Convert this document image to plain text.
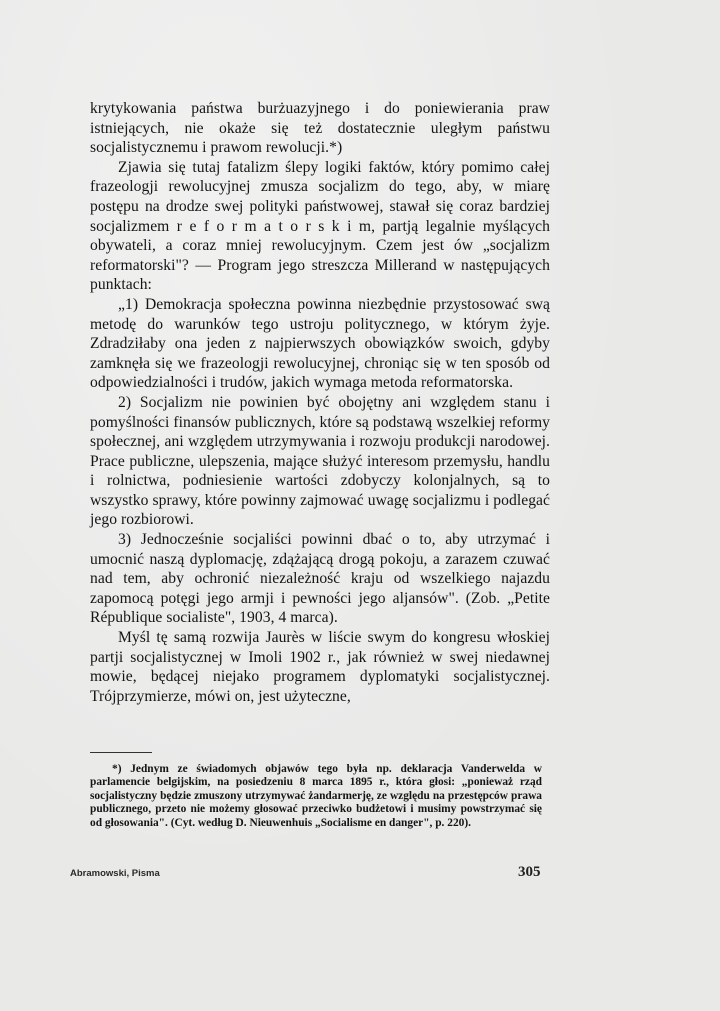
krytykowania państwa burżuazyjnego i do poniewierania praw istniejących, nie okaże się też dostatecznie uległym państwu socjalistycznemu i prawom rewolucji.*)

Zjawia się tutaj fatalizm ślepy logiki faktów, który pomimo całej frazeologji rewolucyjnej zmusza socjalizm do tego, aby, w miarę postępu na drodze swej polityki państwowej, stawał się coraz bardziej socjalizmem r e f o r m a t o r s k i m, partją legalnie myślących obywateli, a coraz mniej rewolucyjnym. Czem jest ów „socjalizm reformatorski"? — Program jego streszcza Millerand w następujących punktach:

„1) Demokracja społeczna powinna niezbędnie przystosować swą metodę do warunków tego ustroju politycznego, w którym żyje. Zdradziłaby ona jeden z najpierwszych obowiązków swoich, gdyby zamknęła się we frazeologji rewolucyjnej, chroniąc się w ten sposób od odpowiedzialności i trudów, jakich wymaga metoda reformatorska.

2) Socjalizm nie powinien być obojętny ani względem stanu i pomyślności finansów publicznych, które są podstawą wszelkiej reformy społecznej, ani względem utrzymywania i rozwoju produkcji narodowej. Prace publiczne, ulepszenia, mające służyć interesom przemysłu, handlu i rolnictwa, podniesienie wartości zdobyczy kolonjalnych, są to wszystko sprawy, które powinny zajmować uwagę socjalizmu i podlegać jego rozbiorowi.

3) Jednocześnie socjaliści powinni dbać o to, aby utrzymać i umocnić naszą dyplomację, zdążającą drogą pokoju, a zarazem czuwać nad tem, aby ochronić niezależność kraju od wszelkiego najazdu zapomocą potęgi jego armji i pewności jego aljansów". (Zob. „Petite République socialiste", 1903, 4 marca).

Myśl tę samą rozwija Jaurès w liście swym do kongresu włoskiej partji socjalistycznej w Imoli 1902 r., jak również w swej niedawnej mowie, będącej niejako programem dyplomatyki socjalistycznej. Trójprzymierze, mówi on, jest użyteczne,

*) Jednym ze świadomych objawów tego była np. deklaracja Vanderwelda w parlamencie belgijskim, na posiedzeniu 8 marca 1895 r., która głosi: „ponieważ rząd socjalistyczny będzie zmuszony utrzymywać żandarmerję, ze względu na przestępców prawa publicznego, przeto nie możemy głosować przeciwko budżetowi i musimy powstrzymać się od głosowania". (Cyt. według D. Nieuwenhuis „Socialisme en danger", p. 220).

Abramowski, Pisma	305
